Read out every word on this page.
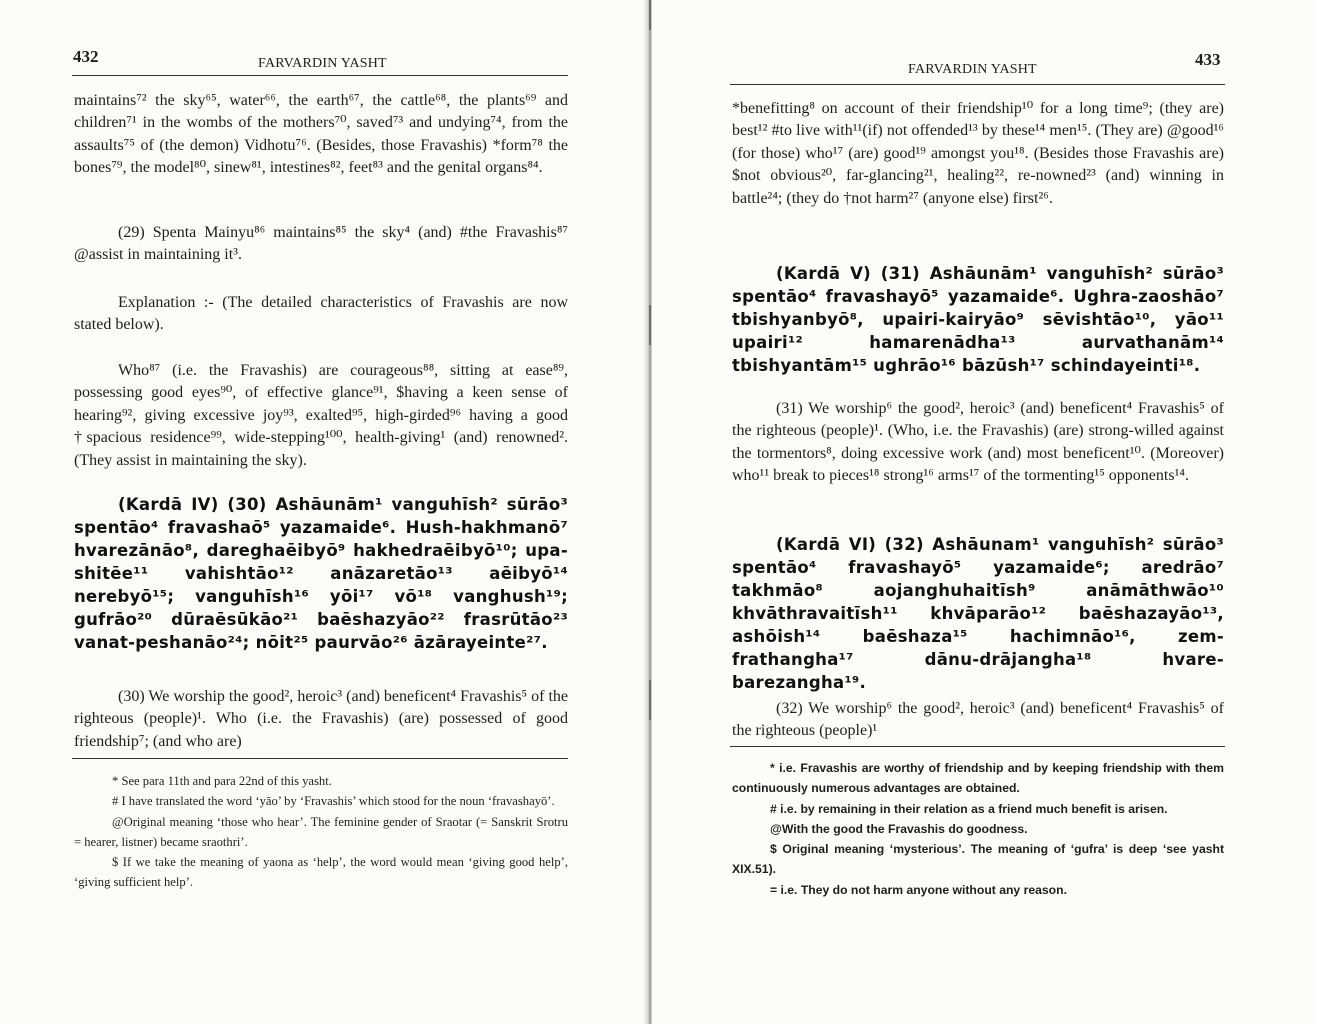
432	FARVARDIN YASHT
maintains⁷² the sky⁶⁵, water⁶⁶, the earth⁶⁷, the cattle⁶⁸, the plants⁶⁹ and children⁷¹ in the wombs of the mothers⁷⁰, saved⁷³ and undying⁷⁴, from the assaults⁷⁵ of (the demon) Vidhotu⁷⁶. (Besides, those Fravashis) *form⁷⁸ the bones⁷⁹, the model⁸⁰, sinew⁸¹, intestines⁸², feet⁸³ and the genital organs⁸⁴.
(29) Spenta Mainyu⁸⁶ maintains⁸⁵ the sky⁴ (and) #the Fravashis⁸⁷ @assist in maintaining it³.
Explanation :- (The detailed characteristics of Fravashis are now stated below).
Who⁸⁷ (i.e. the Fravashis) are courageous⁸⁸, sitting at ease⁸⁹, possessing good eyes⁹⁰, of effective glance⁹¹, $having a keen sense of hearing⁹², giving excessive joy⁹³, exalted⁹⁵, high-girded⁹⁶ having a good †spacious residence⁹⁹, wide-stepping¹⁰⁰, health-giving¹ (and) renowned². (They assist in maintaining the sky).
(Kardā IV) (30) Ashāunām¹ vanguhīsh² sūrāo³ spentāo⁴ fravashaō⁵ yazamaide⁶. Hush-hakhmanō⁷ hvarezānāo⁸, dareghaēibyō⁹ hakhedraēibyō¹⁰; upa-shitēe¹¹ vahishtāo¹² anāzaretāo¹³ aēibyō¹⁴ nerebyō¹⁵; vanguhīsh¹⁶ yōi¹⁷ vō¹⁸ vanghush¹⁹; gufrāo²⁰ dūraēsūkāo²¹ baēshazyāo²² frasrūtāo²³ vanat-peshanāo²⁴; nōit²⁵ paurvāo²⁶ āzārayeinte²⁷.
(30) We worship the good², heroic³ (and) beneficent⁴ Fravashis⁵ of the righteous (people)¹. Who (i.e. the Fravashis) (are) possessed of good friendship⁷; (and who are)

* See para 11th and para 22nd of this yasht.

# I have translated the word ‘yāo’ by ‘Fravashis’ which stood for the noun ‘fravashayō’.

@Original meaning ‘those who hear’. The feminine gender of Sraotar (= Sanskrit Srotru = hearer, listner) became sraothri’.

$ If we take the meaning of yaona as ‘help’, the word would mean ‘giving good help’, ‘giving sufficient help’.

433
FARVARDIN YASHT
*benefitting⁸ on account of their friendship¹⁰ for a long time⁹; (they are) best¹² #to live with¹¹(if) not offended¹³ by these¹⁴ men¹⁵. (They are) @good¹⁶ (for those) who¹⁷ (are) good¹⁹ amongst you¹⁸. (Besides those Fravashis are) $not obvious²⁰, far-glancing²¹, healing²², re-nowned²³ (and) winning in battle²⁴; (they do †not harm²⁷ (anyone else) first²⁶.
(Kardā V) (31) Ashāunām¹ vanguhīsh² sūrāo³ spentāo⁴ fravashayō⁵ yazamaide⁶. Ughra-zaoshāo⁷ tbishyanbyō⁸, upairi-kairyāo⁹ sēvishtāo¹⁰, yāo¹¹ upairi¹² hamarenādha¹³ aurvathanām¹⁴ tbishyantām¹⁵ ughrāo¹⁶ bāzūsh¹⁷ schindayeinti¹⁸.
(31) We worship⁶ the good², heroic³ (and) beneficent⁴ Fravashis⁵ of the righteous (people)¹. (Who, i.e. the Fravashis) (are) strong-willed against the tormentors⁸, doing excessive work (and) most beneficent¹⁰. (Moreover) who¹¹ break to pieces¹⁸ strong¹⁶ arms¹⁷ of the tormenting¹⁵ opponents¹⁴.
(Kardā VI) (32) Ashāunam¹ vanguhīsh² sūrāo³ spentāo⁴ fravashayō⁵ yazamaide⁶; aredrāo⁷ takhmāo⁸ aojanghuhaitīsh⁹ anāmāthwāo¹⁰ khvāthravaitīsh¹¹ khvāparāo¹² baēshazayāo¹³, ashōish¹⁴ baēshaza¹⁵ hachimnāo¹⁶, zem-frathangha¹⁷ dānu-drājangha¹⁸ hvare-barezangha¹⁹.
(32) We worship⁶ the good², heroic³ (and) beneficent⁴ Fravashis⁵ of the righteous (people)¹

* i.e. Fravashis are worthy of friendship and by keeping friendship with them continuously numerous advantages are obtained.

# i.e. by remaining in their relation as a friend much benefit is arisen.

@With the good the Fravashis do goodness.

$ Original meaning ‘mysterious’. The meaning of ‘gufra’ is deep ‘see yasht XIX.51).

= i.e. They do not harm anyone without any reason.
